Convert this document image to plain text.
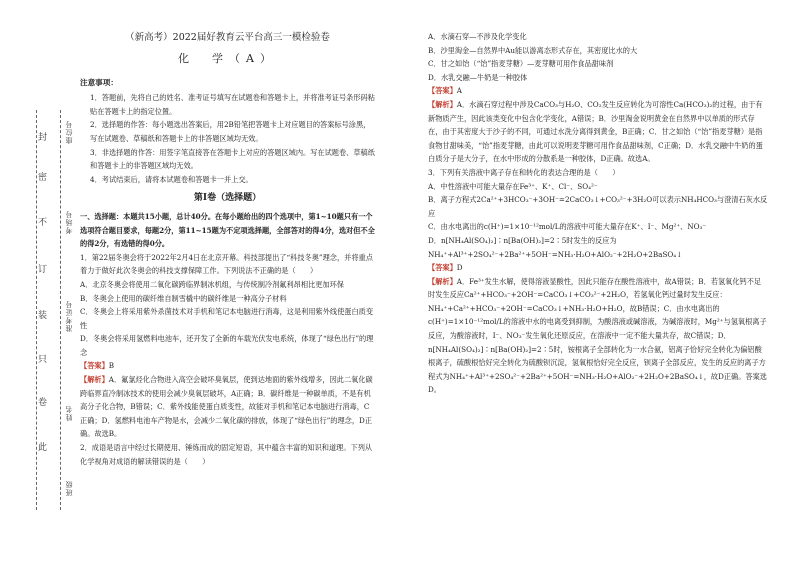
封
密
不
订
装
只
卷
此
座位号
考场号
准考证号
姓名
班级
（新高考）2022届好教育云平台高三一模检验卷
化　学（A）
注意事项：

1．答题前，先将自己的姓名、准考证号填写在试题卷和答题卡上，并将准考证号条形码粘贴在答题卡上的指定位置。

2．选择题的作答：每小题选出答案后，用2B铅笔把答题卡上对应题目的答案标号涂黑，写在试题卷、草稿纸和答题卡上的非答题区域均无效。

3．非选择题的作答：用签字笔直接答在答题卡上对应的答题区域内。写在试题卷、草稿纸和答题卡上的非答题区域均无效。

4．考试结束后，请将本试题卷和答题卡一并上交。

第Ⅰ卷（选择题）

一、选择题：本题共15小题，总计40分。在每小题给出的四个选项中，第1~10题只有一个选项符合题目要求，每题2分，第11~15题为不定项选择题，全部答对的得4分，选对但不全的得2分，有选错的得0分。

1．第22届冬奥会将于2022年2月4日在北京开幕。科技部提出了“科技冬奥”理念，并将重点着力于做好此次冬奥会的科技支撑保障工作。下列说法不正确的是（　　）

A．北京冬奥会将使用二氧化碳跨临界制冰机组，与传统制冷剂氟利昂相比更加环保

B．冬奥会上使用的碳纤维自制雪橇中的碳纤维是一种高分子材料

C．冬奥会上将采用紫外杀菌技术对手机和笔记本电脑进行消毒，这是利用紫外线使蛋白质变性

D．冬奥会将采用氢燃料电池车，还开发了全新的车载光伏发电系统，体现了“绿色出行”的理念

【答案】B

【解析】A．氟氯烃化合物进入高空会破坏臭氧层，使到达地面的紫外线增多，因此二氧化碳跨临界直冷制冰技术的使用会减少臭氧层破坏，A正确；B．碳纤维是一种碳单质，不是有机高分子化合物，B错误；C．紫外线能使蛋白质变性，故能对手机和笔记本电脑进行消毒，C正确；D．氢燃料电池车产物是水，会减少二氧化碳的排放，体现了“绿色出行”的理念，D正确。故选B。

2．成语是语言中经过长期使用、锤炼而成的固定短语，其中蕴含丰富的知识和道理。下列从化学视角对成语的解读错误的是（　　）

A．水滴石穿—不涉及化学变化

B．沙里淘金—自然界中Au能以游离态形式存在，其密度比水的大

C．甘之如饴（“饴”指麦芽糖）—麦芽糖可用作食品甜味剂

D．水乳交融—牛奶是一种胶体

【答案】A

【解析】A．水滴石穿过程中涉及CaCO₃与H₂O、CO₂发生反应转化为可溶性Ca(HCO₃)₂的过程，由于有新物质产生，因此该类变化中包含化学变化，A错误；B．沙里淘金说明黄金在自然界中以单质的形式存在，由于其密度大于沙子的不同，可通过水洗分离得到黄金，B正确；C．甘之如饴（“饴”指麦芽糖）是指食物甘甜味美，“饴”指麦芽糖，由此可以说明麦芽糖可用作食品甜味剂，C正确；D．水乳交融中牛奶的蛋白质分子是大分子，在水中形成的分散系是一种胶体，D正确。故选A。

3．下列有关溶液中离子存在和转化的表达合理的是（　　）

A．中性溶液中可能大量存在Fe³⁺、K⁺、Cl⁻、SO₄²⁻

B．离子方程式2Ca²⁺+3HCO₃⁻+3OH⁻=2CaCO₃↓+CO₃²⁻+3H₂O可以表示NH₄HCO₃与澄清石灰水反应

C．由水电离出的c(H⁺)=1×10⁻¹²mol/L的溶液中可能大量存在K⁺、I⁻、Mg²⁺、NO₃⁻

D．n[NH₄Al(SO₄)₂]∶n[Ba(OH)₂]=2∶5时发生的反应为NH₄⁺+Al³⁺+2SO₄²⁻+2Ba²⁺+5OH⁻=NH₃·H₂O+AlO₂⁻+2H₂O+2BaSO₄↓

【答案】D

【解析】A．Fe³⁺发生水解，使得溶液显酸性，因此只能存在酸性溶液中，故A错误；B．若氢氧化钙不足时发生反应Ca²⁺+HCO₃⁻+2OH⁻=CaCO₃↓+CO₃²⁻+2H₂O，若氢氧化钙过量时发生反应：NH₄⁺+Ca²⁺+HCO₃⁻+2OH⁻=CaCO₃↓+NH₃·H₂O+H₂O，故B错误；C．由水电离出的c(H⁺)=1×10⁻¹²mol/L的溶液中水的电离受到抑制，为酸溶液或碱溶液，为碱溶液时，Mg²⁺与氢氧根离子反应，为酸溶液时，I⁻、NO₃⁻发生氧化还原反应，在溶液中一定不能大量共存，故C错误；D．n[NH₄Al(SO₄)₂]∶n[Ba(OH)₂]=2∶5时，铵根离子全部转化为一水合氨，铝离子恰好完全转化为偏铝酸根离子，硫酸根恰好完全转化为硫酸钡沉淀，氢氧根恰好完全反应，钡离子全部反应，发生的反应的离子方程式为NH₄⁺+Al³⁺+2SO₄²⁻+2Ba²⁺+5OH⁻=NH₃·H₂O+AlO₂⁻+2H₂O+2BaSO₄↓，故D正确。答案选D。
